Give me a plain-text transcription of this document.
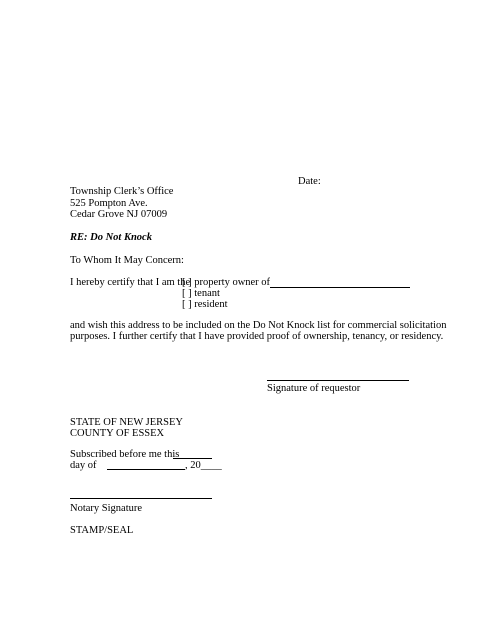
Date:
Township Clerk’s Office
525 Pompton Ave.
Cedar Grove NJ 07009
RE: Do Not Knock
To Whom It May Concern:
I hereby certify that I am the
[ ] property owner of
[ ] tenant
[ ] resident
and wish this address to be included on the Do Not Knock list for commercial solicitation
purposes. I further certify that I have provided proof of ownership, tenancy, or residency.
Signature of requestor
STATE OF NEW JERSEY
COUNTY OF ESSEX
Subscribed before me this
day of	, 20____
Notary Signature
STAMP/SEAL
